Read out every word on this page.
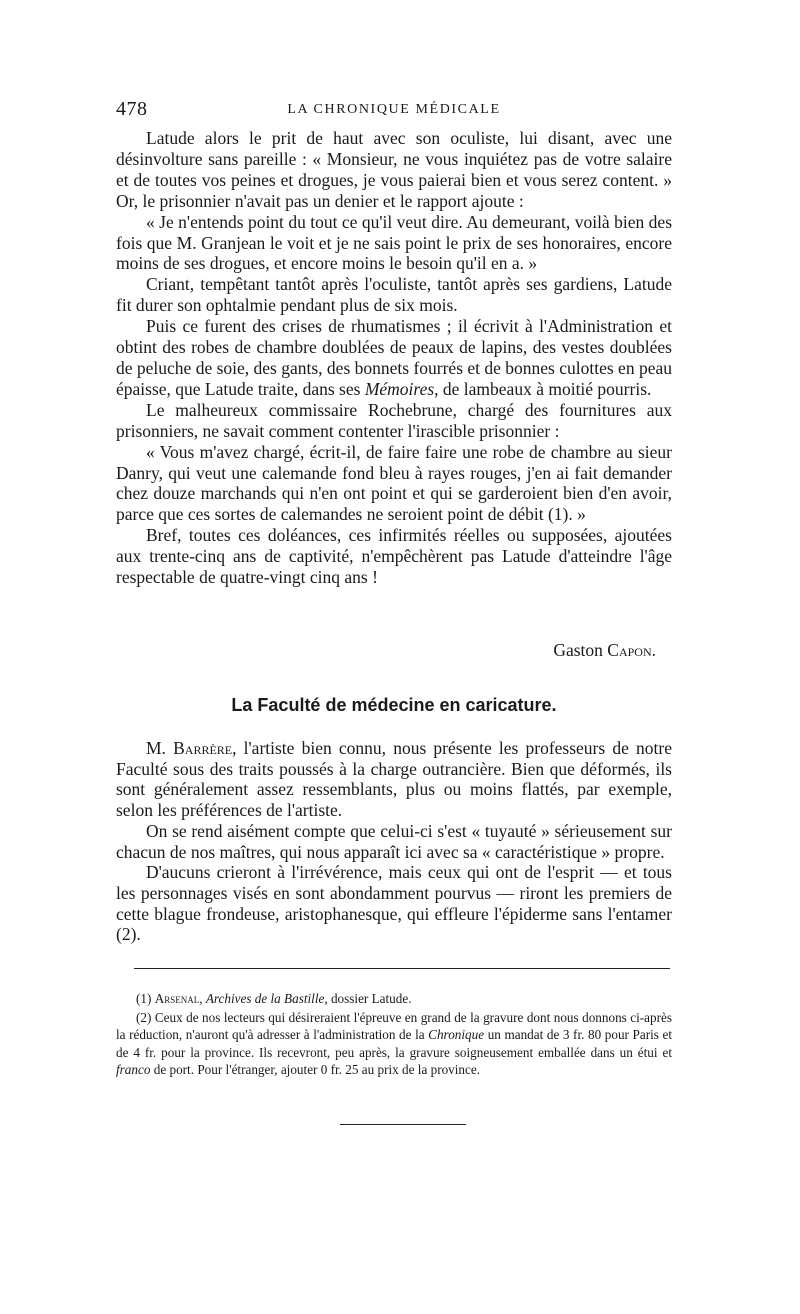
478	LA CHRONIQUE MÉDICALE

Latude alors le prit de haut avec son oculiste, lui disant, avec une désinvolture sans pareille : « Monsieur, ne vous inquiétez pas de votre salaire et de toutes vos peines et drogues, je vous paierai bien et vous serez content. » Or, le prisonnier n'avait pas un denier et le rapport ajoute :

« Je n'entends point du tout ce qu'il veut dire. Au demeurant, voilà bien des fois que M. Granjean le voit et je ne sais point le prix de ses honoraires, encore moins de ses drogues, et encore moins le besoin qu'il en a. »

Criant, tempêtant tantôt après l'oculiste, tantôt après ses gardiens, Latude fit durer son ophtalmie pendant plus de six mois.

Puis ce furent des crises de rhumatismes ; il écrivit à l'Administration et obtint des robes de chambre doublées de peaux de lapins, des vestes doublées de peluche de soie, des gants, des bonnets fourrés et de bonnes culottes en peau épaisse, que Latude traite, dans ses Mémoires, de lambeaux à moitié pourris.

Le malheureux commissaire Rochebrune, chargé des fournitures aux prisonniers, ne savait comment contenter l'irascible prisonnier :

« Vous m'avez chargé, écrit-il, de faire faire une robe de chambre au sieur Danry, qui veut une calemande fond bleu à rayes rouges, j'en ai fait demander chez douze marchands qui n'en ont point et qui se garderoient bien d'en avoir, parce que ces sortes de calemandes ne seroient point de débit (1). »

Bref, toutes ces doléances, ces infirmités réelles ou supposées, ajoutées aux trente-cinq ans de captivité, n'empêchèrent pas Latude d'atteindre l'âge respectable de quatre-vingt cinq ans !

Gaston Capon.
La Faculté de médecine en caricature.

M. Barrère, l'artiste bien connu, nous présente les professeurs de notre Faculté sous des traits poussés à la charge outrancière. Bien que déformés, ils sont généralement assez ressemblants, plus ou moins flattés, par exemple, selon les préférences de l'artiste.

On se rend aisément compte que celui-ci s'est « tuyauté » sérieusement sur chacun de nos maîtres, qui nous apparaît ici avec sa « caractéristique » propre.

D'aucuns crieront à l'irrévérence, mais ceux qui ont de l'esprit — et tous les personnages visés en sont abondamment pourvus — riront les premiers de cette blague frondeuse, aristophanesque, qui effleure l'épiderme sans l'entamer (2).

(1) Arsenal, Archives de la Bastille, dossier Latude.

(2) Ceux de nos lecteurs qui désireraient l'épreuve en grand de la gravure dont nous donnons ci-après la réduction, n'auront qu'à adresser à l'administration de la Chronique un mandat de 3 fr. 80 pour Paris et de 4 fr. pour la province. Ils recevront, peu après, la gravure soigneusement emballée dans un étui et franco de port. Pour l'étranger, ajouter 0 fr. 25 au prix de la province.
